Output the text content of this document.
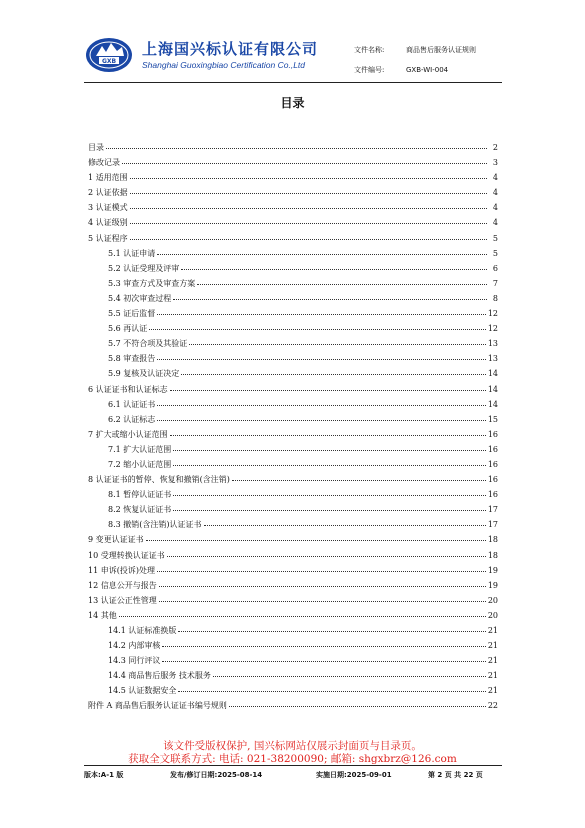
GXB
上海国兴标认证有限公司
Shanghai Guoxingbiao Certification Co.,Ltd
文件名称:	商品售后服务认证规则
文件编号:	GXB-WI-004
目录
目录	2
修改记录	3
1 适用范围	4
2 认证依据	4
3 认证模式	4
4 认证级别	4
5 认证程序	5
5.1 认证申请	5
5.2 认证受理及评审	6
5.3 审查方式及审查方案	7
5.4 初次审查过程	8
5.5 证后监督	12
5.6 再认证	12
5.7 不符合项及其验证	13
5.8 审查报告	13
5.9 复核及认证决定	14
6 认证证书和认证标志	14
6.1 认证证书	14
6.2 认证标志	15
7 扩大或缩小认证范围	16
7.1 扩大认证范围	16
7.2 缩小认证范围	16
8 认证证书的暂停、恢复和撤销(含注销)	16
8.1 暂停认证证书	16
8.2 恢复认证证书	17
8.3 撤销(含注销)认证证书	17
9 变更认证证书	18
10 受理转换认证证书	18
11 申诉(投诉)处理	19
12 信息公开与报告	19
13 认证公正性管理	20
14 其他	20
14.1 认证标准换版	21
14.2 内部审核	21
14.3 同行评议	21
14.4 商品售后服务 技术服务	21
14.5 认证数据安全	21
附件 A 商品售后服务认证证书编号规则	22
该文件受版权保护, 国兴标网站仅展示封面页与目录页。
获取全文联系方式: 电话: 021-38200090; 邮箱: shgxbrz@126.com
版本:A-1 版	发布/修订日期:2025-08-14	实施日期:2025-09-01	第 2 页 共 22 页
